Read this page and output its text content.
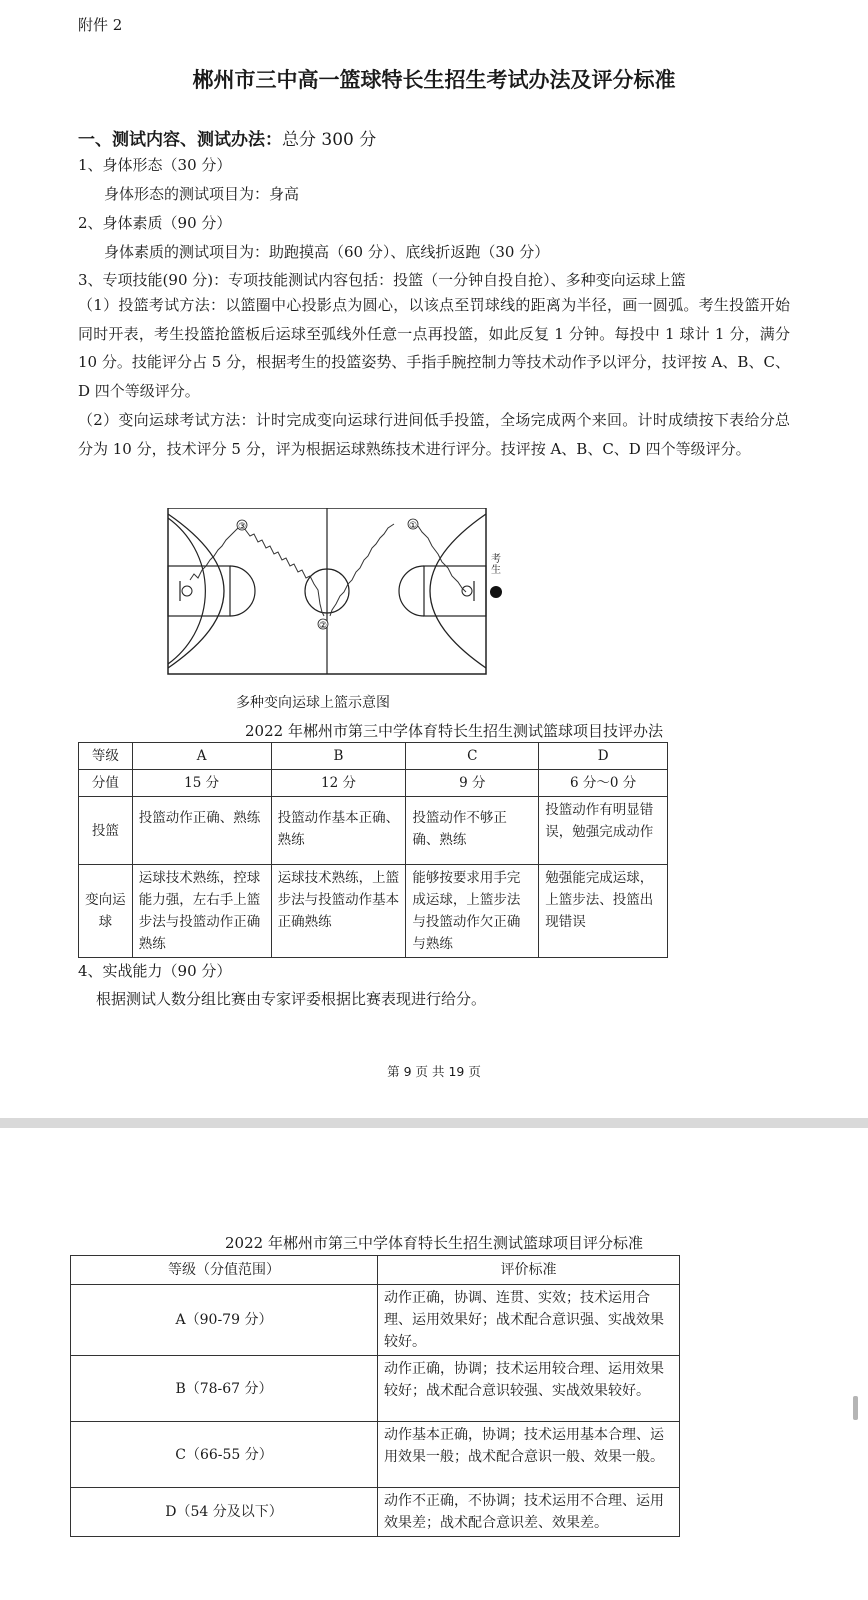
附件 2
郴州市三中高一篮球特长生招生考试办法及评分标准
一、测试内容、测试办法：总分 300 分
1、身体形态（30 分）
身体形态的测试项目为：身高
2、身体素质（90 分）
身体素质的测试项目为：助跑摸高（60 分）、底线折返跑（30 分）
3、专项技能(90 分)：专项技能测试内容包括：投篮（一分钟自投自抢）、多种变向运球上篮
（1）投篮考试方法：以篮圈中心投影点为圆心，以该点至罚球线的距离为半径，画一圆弧。考生投篮开始同时开表，考生投篮抢篮板后运球至弧线外任意一点再投篮，如此反复 1 分钟。每投中 1 球计 1 分，满分 10 分。技能评分占 5 分，根据考生的投篮姿势、手指手腕控制力等技术动作予以评分，技评按 A、B、C、D 四个等级评分。
（2）变向运球考试方法：计时完成变向运球行进间低手投篮，全场完成两个来回。计时成绩按下表给分总分为 10 分，技术评分 5 分，评为根据运球熟练技术进行评分。技评按 A、B、C、D 四个等级评分。
③
②
①
考生
多种变向运球上篮示意图
2022 年郴州市第三中学体育特长生招生测试篮球项目技评办法
等级	A	B	C	D
分值	15 分	12 分	9 分	6 分～0 分
投篮	投篮动作正确、熟练	投篮动作基本正确、熟练	投篮动作不够正确、熟练	投篮动作有明显错误，勉强完成动作
变向运球	运球技术熟练，控球能力强，左右手上篮步法与投篮动作正确熟练	运球技术熟练，上篮步法与投篮动作基本正确熟练	能够按要求用手完成运球，上篮步法与投篮动作欠正确与熟练	勉强能完成运球，上篮步法、投篮出现错误
4、实战能力（90 分）
根据测试人数分组比赛由专家评委根据比赛表现进行给分。
第 9 页 共 19 页
2022 年郴州市第三中学体育特长生招生测试篮球项目评分标准
等级（分值范围）	评价标准
A（90-79 分）	动作正确，协调、连贯、实效；技术运用合理、运用效果好；战术配合意识强、实战效果较好。
B（78-67 分）	动作正确，协调；技术运用较合理、运用效果较好；战术配合意识较强、实战效果较好。
C（66-55 分）	动作基本正确，协调；技术运用基本合理、运用效果一般；战术配合意识一般、效果一般。
D（54 分及以下）	动作不正确，不协调；技术运用不合理、运用效果差；战术配合意识差、效果差。
